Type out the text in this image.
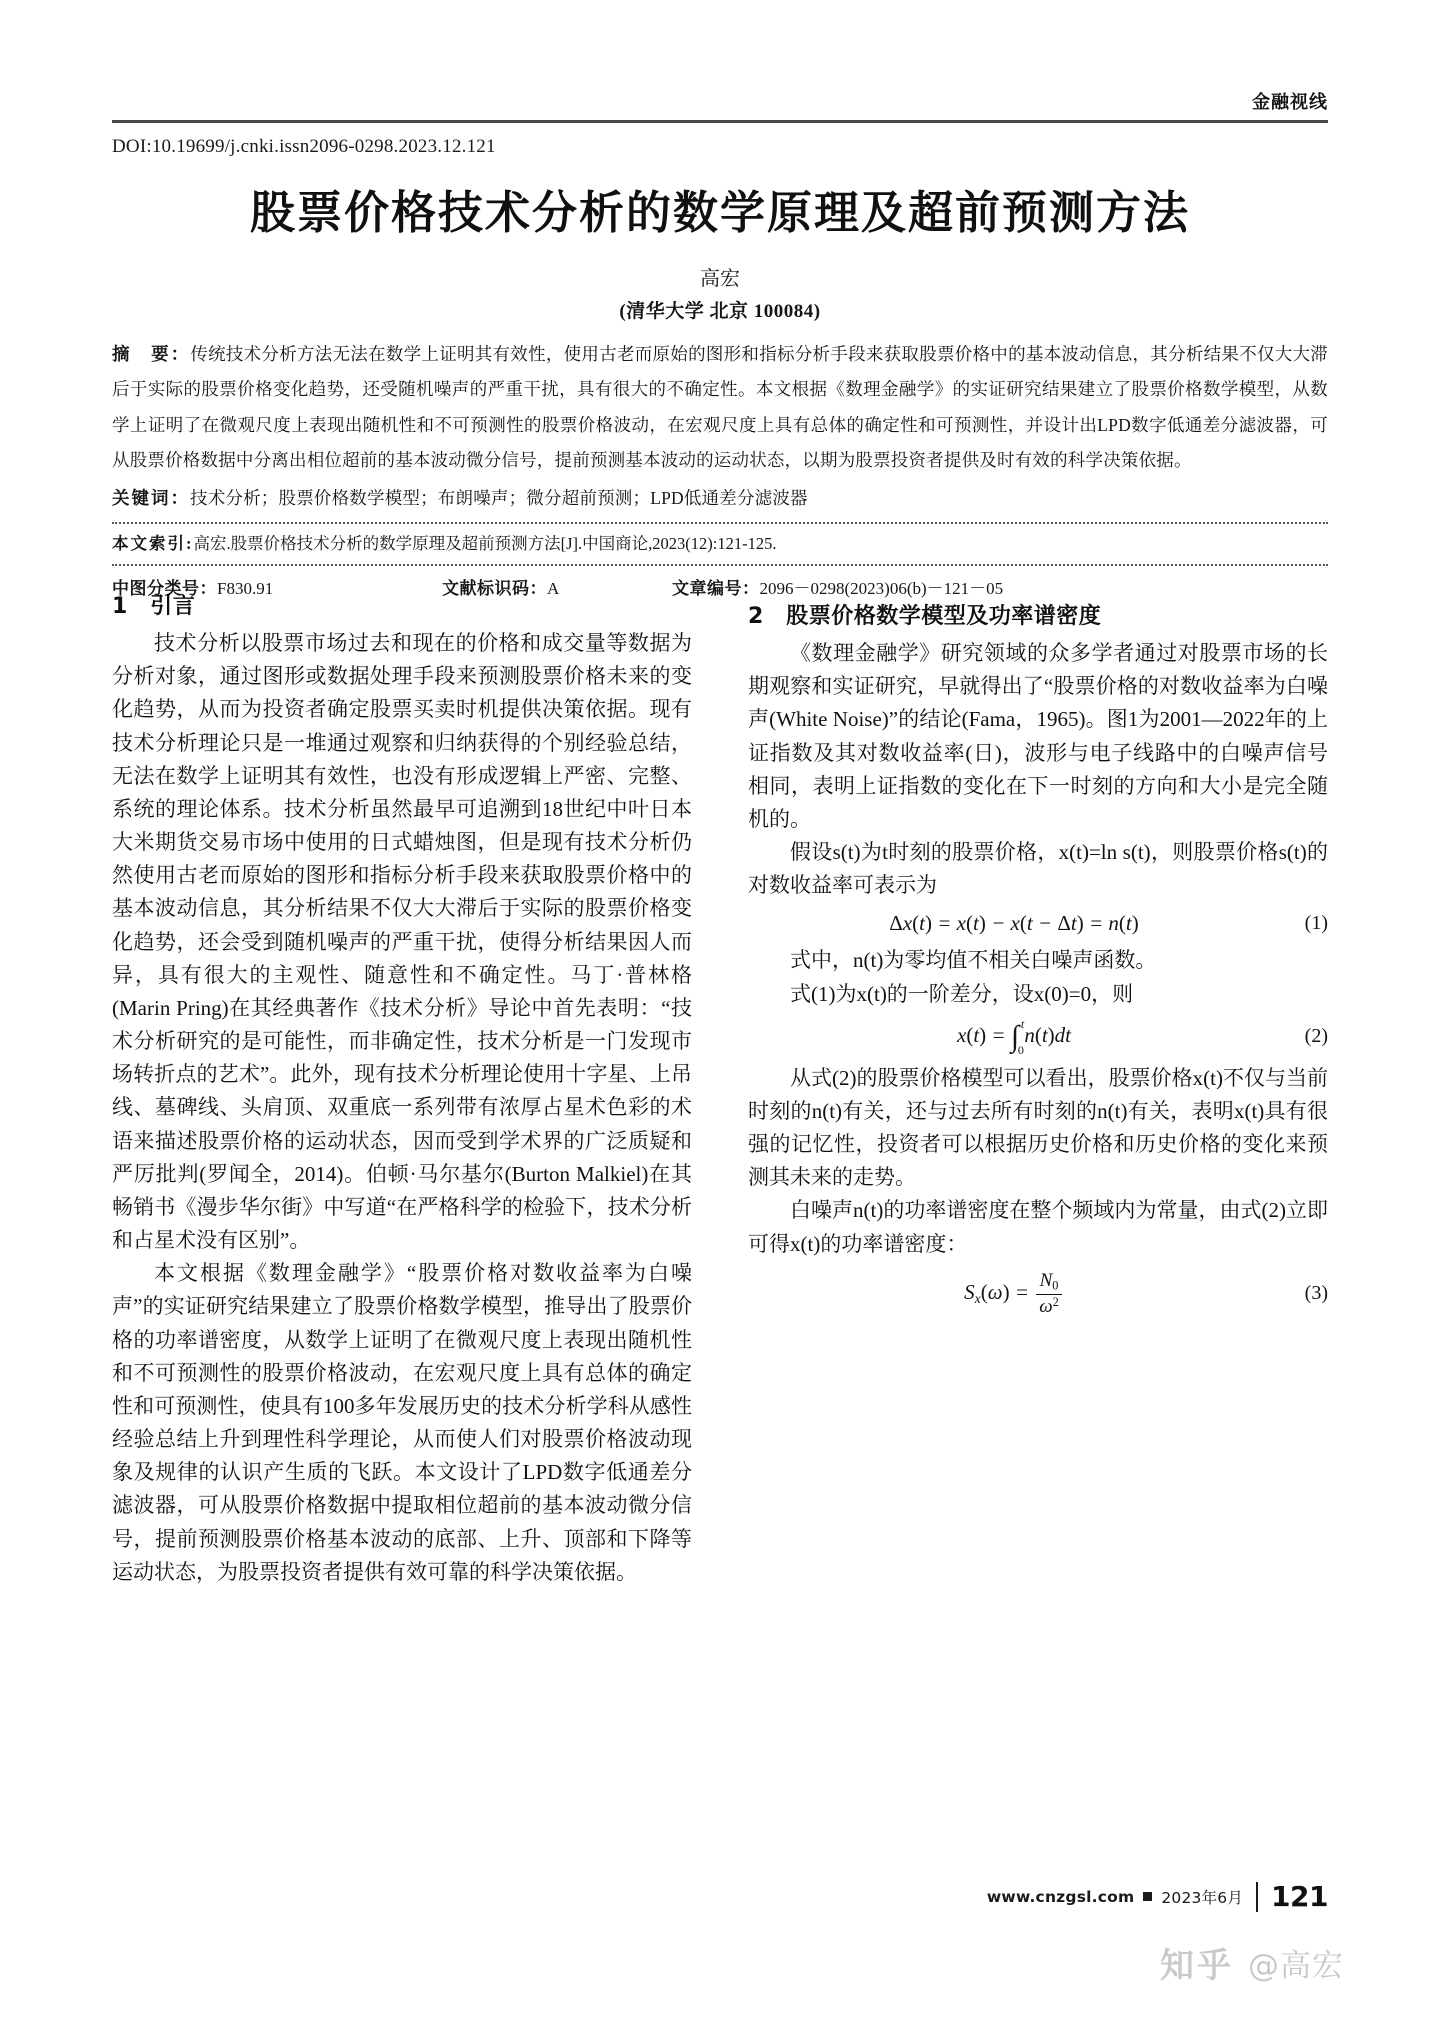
金融视线
DOI:10.19699/j.cnki.issn2096-0298.2023.12.121
股票价格技术分析的数学原理及超前预测方法
高宏
(清华大学 北京 100084)
摘　要：传统技术分析方法无法在数学上证明其有效性，使用古老而原始的图形和指标分析手段来获取股票价格中的基本波动信息，其分析结果不仅大大滞后于实际的股票价格变化趋势，还受随机噪声的严重干扰，具有很大的不确定性。本文根据《数理金融学》的实证研究结果建立了股票价格数学模型，从数学上证明了在微观尺度上表现出随机性和不可预测性的股票价格波动，在宏观尺度上具有总体的确定性和可预测性，并设计出LPD数字低通差分滤波器，可从股票价格数据中分离出相位超前的基本波动微分信号，提前预测基本波动的运动状态，以期为股票投资者提供及时有效的科学决策依据。
关键词：技术分析；股票价格数学模型；布朗噪声；微分超前预测；LPD低通差分滤波器
本文索引:高宏.股票价格技术分析的数学原理及超前预测方法[J].中国商论,2023(12):121-125.
中图分类号：F830.91	文献标识码：A	文章编号：2096－0298(2023)06(b)－121－05
1　引言

技术分析以股票市场过去和现在的价格和成交量等数据为分析对象，通过图形或数据处理手段来预测股票价格未来的变化趋势，从而为投资者确定股票买卖时机提供决策依据。现有技术分析理论只是一堆通过观察和归纳获得的个别经验总结，无法在数学上证明其有效性，也没有形成逻辑上严密、完整、系统的理论体系。技术分析虽然最早可追溯到18世纪中叶日本大米期货交易市场中使用的日式蜡烛图，但是现有技术分析仍然使用古老而原始的图形和指标分析手段来获取股票价格中的基本波动信息，其分析结果不仅大大滞后于实际的股票价格变化趋势，还会受到随机噪声的严重干扰，使得分析结果因人而异，具有很大的主观性、随意性和不确定性。马丁·普林格(Marin Pring)在其经典著作《技术分析》导论中首先表明：“技术分析研究的是可能性，而非确定性，技术分析是一门发现市场转折点的艺术”。此外，现有技术分析理论使用十字星、上吊线、墓碑线、头肩顶、双重底一系列带有浓厚占星术色彩的术语来描述股票价格的运动状态，因而受到学术界的广泛质疑和严厉批判(罗闻全，2014)。伯顿·马尔基尔(Burton Malkiel)在其畅销书《漫步华尔街》中写道“在严格科学的检验下，技术分析和占星术没有区别”。

本文根据《数理金融学》“股票价格对数收益率为白噪声”的实证研究结果建立了股票价格数学模型，推导出了股票价格的功率谱密度，从数学上证明了在微观尺度上表现出随机性和不可预测性的股票价格波动，在宏观尺度上具有总体的确定性和可预测性，使具有100多年发展历史的技术分析学科从感性经验总结上升到理性科学理论，从而使人们对股票价格波动现象及规律的认识产生质的飞跃。本文设计了LPD数字低通差分滤波器，可从股票价格数据中提取相位超前的基本波动微分信号，提前预测股票价格基本波动的底部、上升、顶部和下降等运动状态，为股票投资者提供有效可靠的科学决策依据。

2　股票价格数学模型及功率谱密度

《数理金融学》研究领域的众多学者通过对股票市场的长期观察和实证研究，早就得出了“股票价格的对数收益率为白噪声(White Noise)”的结论(Fama，1965)。图1为2001—2022年的上证指数及其对数收益率(日)，波形与电子线路中的白噪声信号相同，表明上证指数的变化在下一时刻的方向和大小是完全随机的。

假设s(t)为t时刻的股票价格，x(t)=ln s(t)，则股票价格s(t)的对数收益率可表示为

Δx(t) = x(t) − x(t − Δt) = n(t)	(1)

式中，n(t)为零均值不相关白噪声函数。

式(1)为x(t)的一阶差分，设x(0)=0，则

x(t) = ∫
0
t n(t)dt	(2)

从式(2)的股票价格模型可以看出，股票价格x(t)不仅与当前时刻的n(t)有关，还与过去所有时刻的n(t)有关，表明x(t)具有很强的记忆性，投资者可以根据历史价格和历史价格的变化来预测其未来的走势。

白噪声n(t)的功率谱密度在整个频域内为常量，由式(2)立即可得x(t)的功率谱密度：

$S_x(\omega) = \frac{N_0}{\omega^2}$	(3)
www.cnzgsl.com 2023年6月 121
知乎 @高宏
